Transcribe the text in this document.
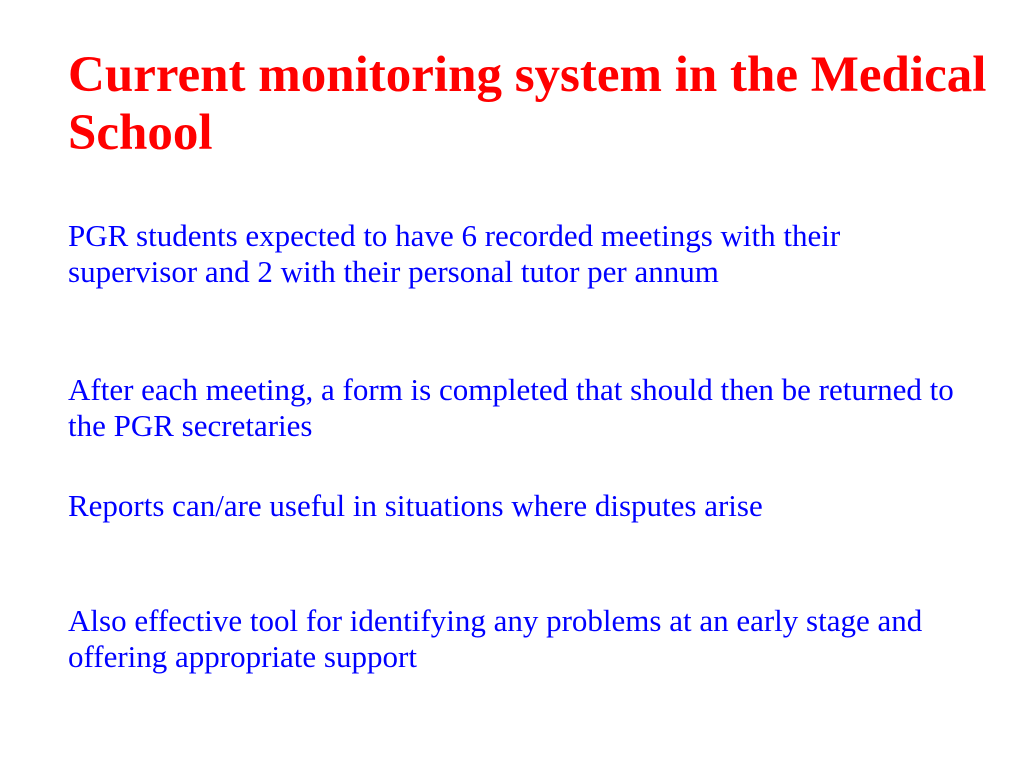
Current monitoring system in the Medical School

PGR students expected to have 6 recorded meetings with their supervisor and 2 with their personal tutor per annum

After each meeting, a form is completed that should then be returned to the PGR secretaries

Reports can/are useful in situations where disputes arise

Also effective tool for identifying any problems at an early stage and offering appropriate support
